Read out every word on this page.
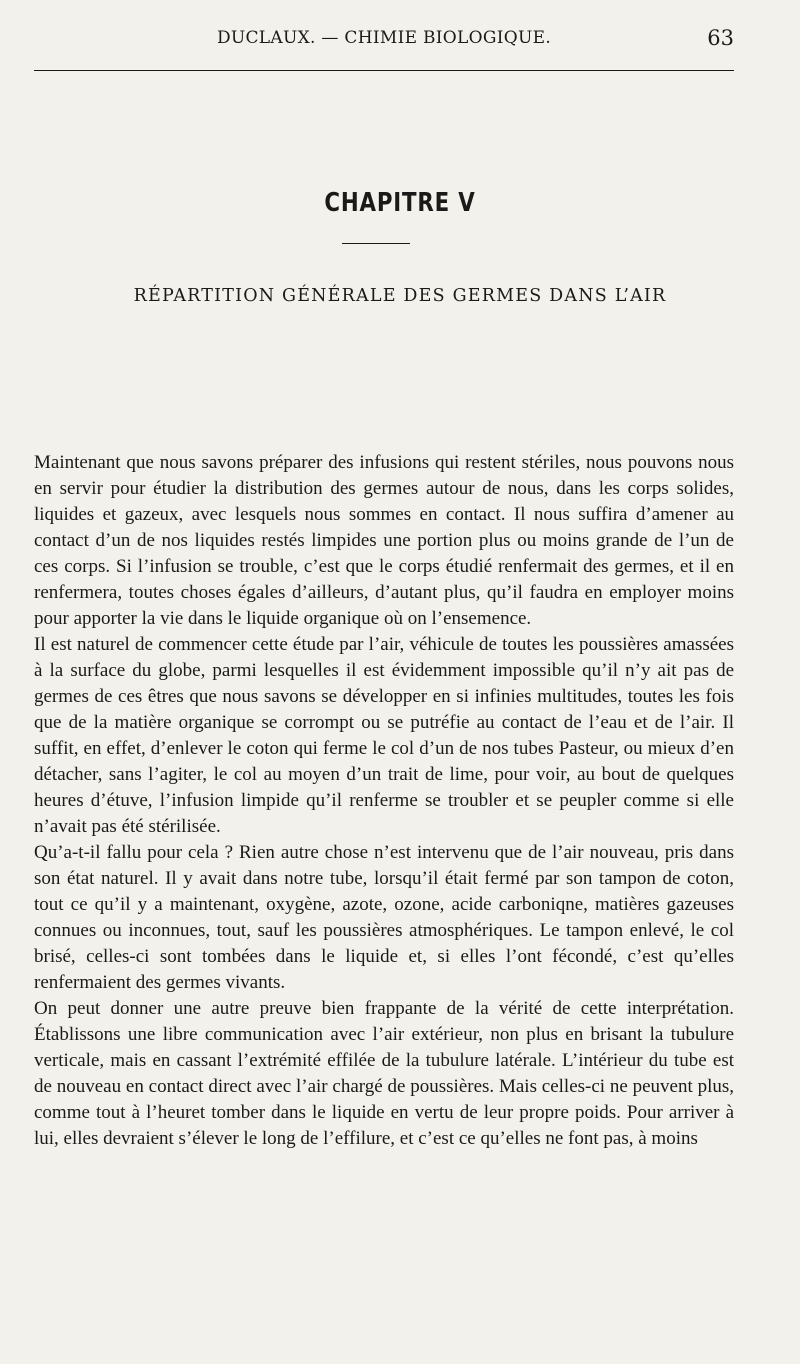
DUCLAUX. — CHIMIE BIOLOGIQUE.	63
CHAPITRE V
RÉPARTITION GÉNÉRALE DES GERMES DANS L’AIR

Maintenant que nous savons préparer des infusions qui restent stériles, nous pouvons nous en servir pour étudier la distribution des germes autour de nous, dans les corps solides, liquides et gazeux, avec lesquels nous sommes en contact. Il nous suffira d’amener au contact d’un de nos liquides restés limpides une portion plus ou moins grande de l’un de ces corps. Si l’infusion se trouble, c’est que le corps étudié renfermait des germes, et il en renfermera, toutes choses égales d’ailleurs, d’autant plus, qu’il faudra en employer moins pour apporter la vie dans le liquide organique où on l’ensemence.

Il est naturel de commencer cette étude par l’air, véhicule de toutes les poussières amassées à la surface du globe, parmi lesquelles il est évidemment impossible qu’il n’y ait pas de germes de ces êtres que nous savons se développer en si infinies multitudes, toutes les fois que de la matière organique se corrompt ou se putréfie au contact de l’eau et de l’air. Il suffit, en effet, d’enlever le coton qui ferme le col d’un de nos tubes Pasteur, ou mieux d’en détacher, sans l’agiter, le col au moyen d’un trait de lime, pour voir, au bout de quelques heures d’étuve, l’infusion limpide qu’il renferme se troubler et se peupler comme si elle n’avait pas été stérilisée.

Qu’a-t-il fallu pour cela ? Rien autre chose n’est intervenu que de l’air nouveau, pris dans son état naturel. Il y avait dans notre tube, lorsqu’il était fermé par son tampon de coton, tout ce qu’il y a maintenant, oxygène, azote, ozone, acide carboniqne, matières gazeuses connues ou inconnues, tout, sauf les poussières atmosphériques. Le tampon enlevé, le col brisé, celles-ci sont tombées dans le liquide et, si elles l’ont fécondé, c’est qu’elles renfermaient des germes vivants.

On peut donner une autre preuve bien frappante de la vérité de cette interprétation. Établissons une libre communication avec l’air extérieur, non plus en brisant la tubulure verticale, mais en cassant l’extrémité effilée de la tubulure latérale. L’intérieur du tube est de nouveau en contact direct avec l’air chargé de poussières. Mais celles-ci ne peuvent plus, comme tout à l’heuret tomber dans le liquide en vertu de leur propre poids. Pour arriver à lui, elles devraient s’élever le long de l’effilure, et c’est ce qu’elles ne font pas, à moins
